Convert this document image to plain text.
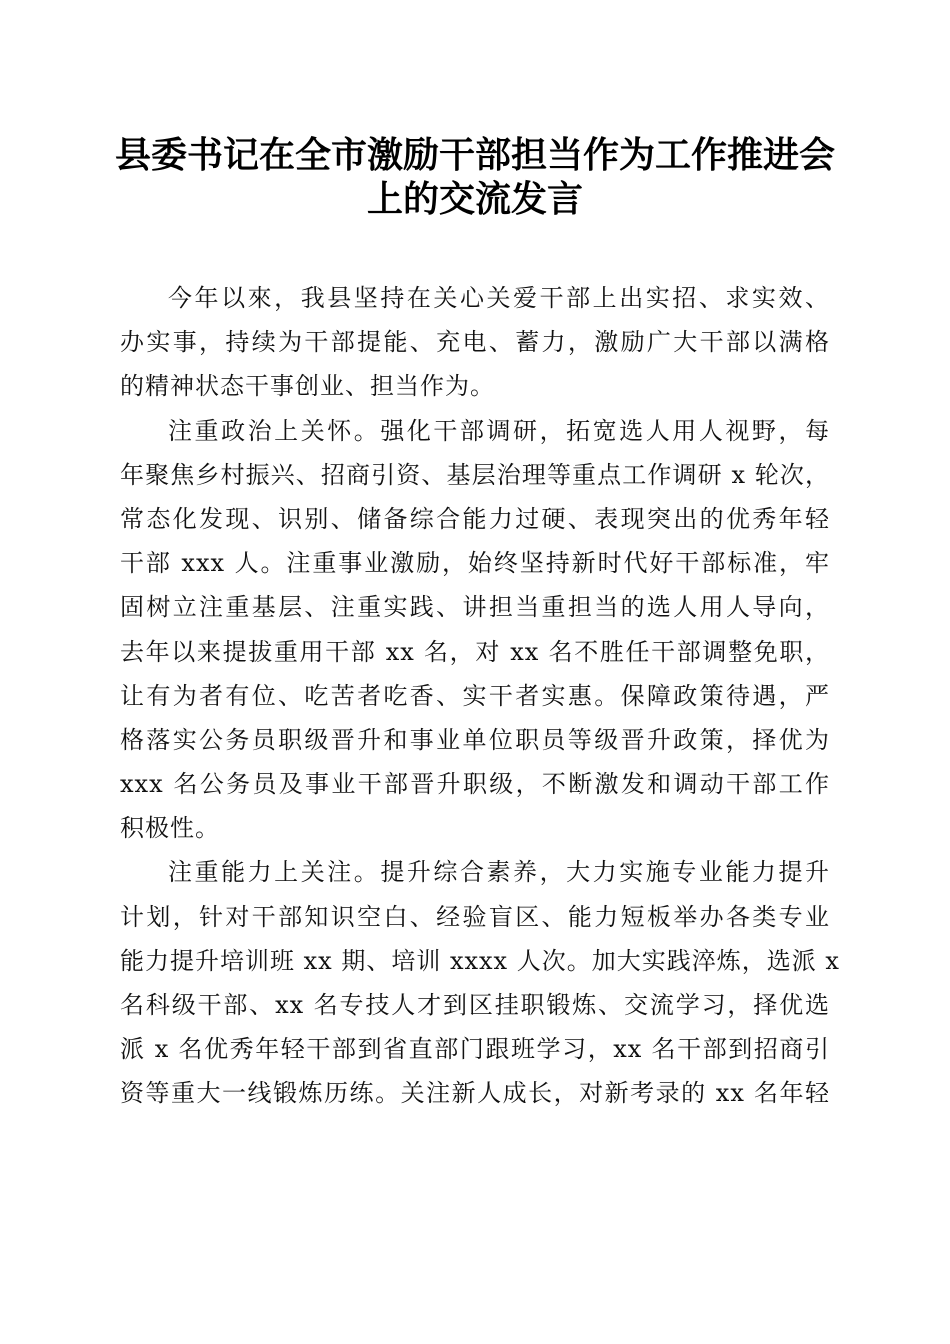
县委书记在全市激励干部担当作为工作推进会
上的交流发言

今年以來，我县坚持在关心关爱干部上出实招、求实效、
办实事，持续为干部提能、充电、蓄力，激励广大干部以满格
的精神状态干事创业、担当作为。

注重政治上关怀。强化干部调研，拓宽选人用人视野，每
年聚焦乡村振兴、招商引资、基层治理等重点工作调研 x 轮次，
常态化发现、识别、储备综合能力过硬、表现突出的优秀年轻
干部 xxx 人。注重事业激励，始终坚持新时代好干部标准，牢
固树立注重基层、注重实践、讲担当重担当的选人用人导向，
去年以来提拔重用干部 xx 名，对 xx 名不胜任干部调整免职，
让有为者有位、吃苦者吃香、实干者实惠。保障政策待遇，严
格落实公务员职级晋升和事业单位职员等级晋升政策，择优为
xxx 名公务员及事业干部晋升职级，不断激发和调动干部工作
积极性。

注重能力上关注。提升综合素养，大力实施专业能力提升
计划，针对干部知识空白、经验盲区、能力短板举办各类专业
能力提升培训班 xx 期、培训 xxxx 人次。加大实践淬炼，选派 x
名科级干部、xx 名专技人才到区挂职锻炼、交流学习，择优选
派 x 名优秀年轻干部到省直部门跟班学习，xx 名干部到招商引
资等重大一线锻炼历练。关注新人成长，对新考录的 xx 名年轻
